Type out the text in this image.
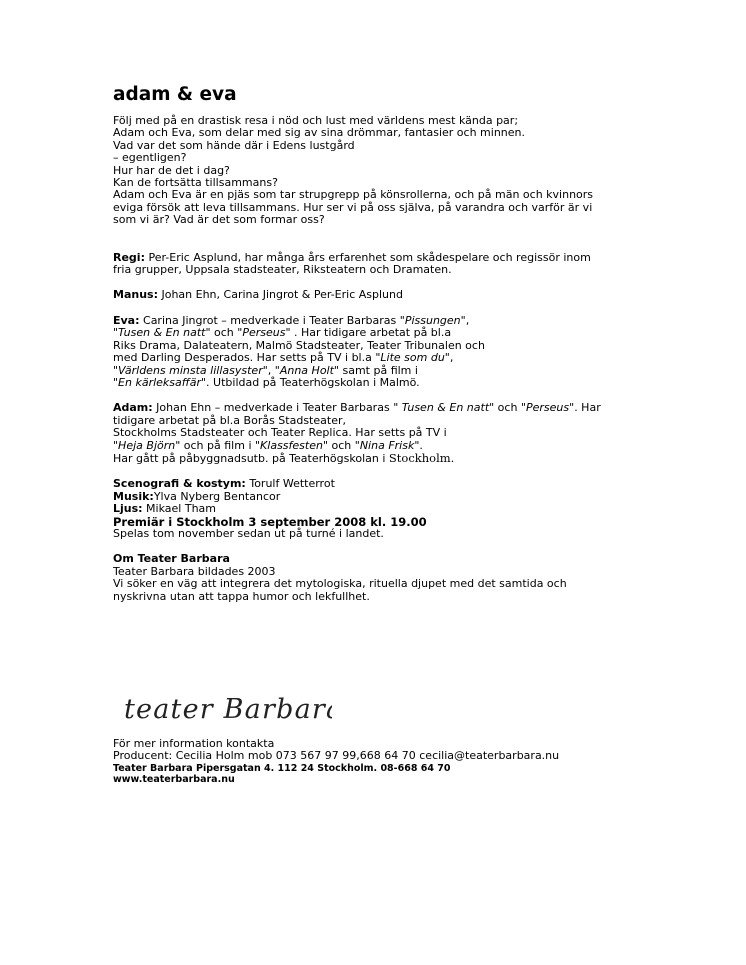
adam & eva
Följ med på en drastisk resa i nöd och lust med världens mest kända par;
Adam och Eva, som delar med sig av sina drömmar, fantasier och minnen.
Vad var det som hände där i Edens lustgård
– egentligen?
Hur har de det i dag?
Kan de fortsätta tillsammans?
Adam och Eva är en pjäs som tar strupgrepp på könsrollerna, och på män och kvinnors
eviga försök att leva tillsammans. Hur ser vi på oss själva, på varandra och varför är vi
som vi är? Vad är det som formar oss?
Regi: Per-Eric Asplund, har många års erfarenhet som skådespelare och regissör inom
fria grupper, Uppsala stadsteater, Riksteatern och Dramaten.
Manus: Johan Ehn, Carina Jingrot & Per-Eric Asplund
Eva: Carina Jingrot – medverkade i Teater Barbaras "Pissungen",
"Tusen & En natt" och "Perseus" . Har tidigare arbetat på bl.a
Riks Drama, Dalateatern, Malmö Stadsteater, Teater Tribunalen och
med Darling Desperados. Har setts på TV i bl.a "Lite som du",
"Världens minsta lillasyster", "Anna Holt" samt på film i
"En kärleksaffär". Utbildad på Teaterhögskolan i Malmö.
Adam: Johan Ehn – medverkade i Teater Barbaras " Tusen & En natt" och "Perseus". Har
tidigare arbetat på bl.a Borås Stadsteater,
Stockholms Stadsteater och Teater Replica. Har setts på TV i
"Heja Björn" och på film i "Klassfesten" och "Nina Frisk".
Har gått på påbyggnadsutb. på Teaterhögskolan i Stockholm.
Scenografi & kostym: Torulf Wetterrot
Musik:Ylva Nyberg Bentancor
Ljus: Mikael Tham
Premiär i Stockholm 3 september 2008 kl. 19.00
Spelas tom november sedan ut på turné i landet.
Om Teater Barbara
Teater Barbara bildades 2003
Vi söker en väg att integrera det mytologiska, rituella djupet med det samtida och
nyskrivna utan att tappa humor och lekfullhet.
teater Barbara.
För mer information kontakta
Producent: Cecilia Holm mob 073 567 97 99,668 64 70 cecilia@teaterbarbara.nu
Teater Barbara Pipersgatan 4. 112 24 Stockholm. 08-668 64 70
www.teaterbarbara.nu
